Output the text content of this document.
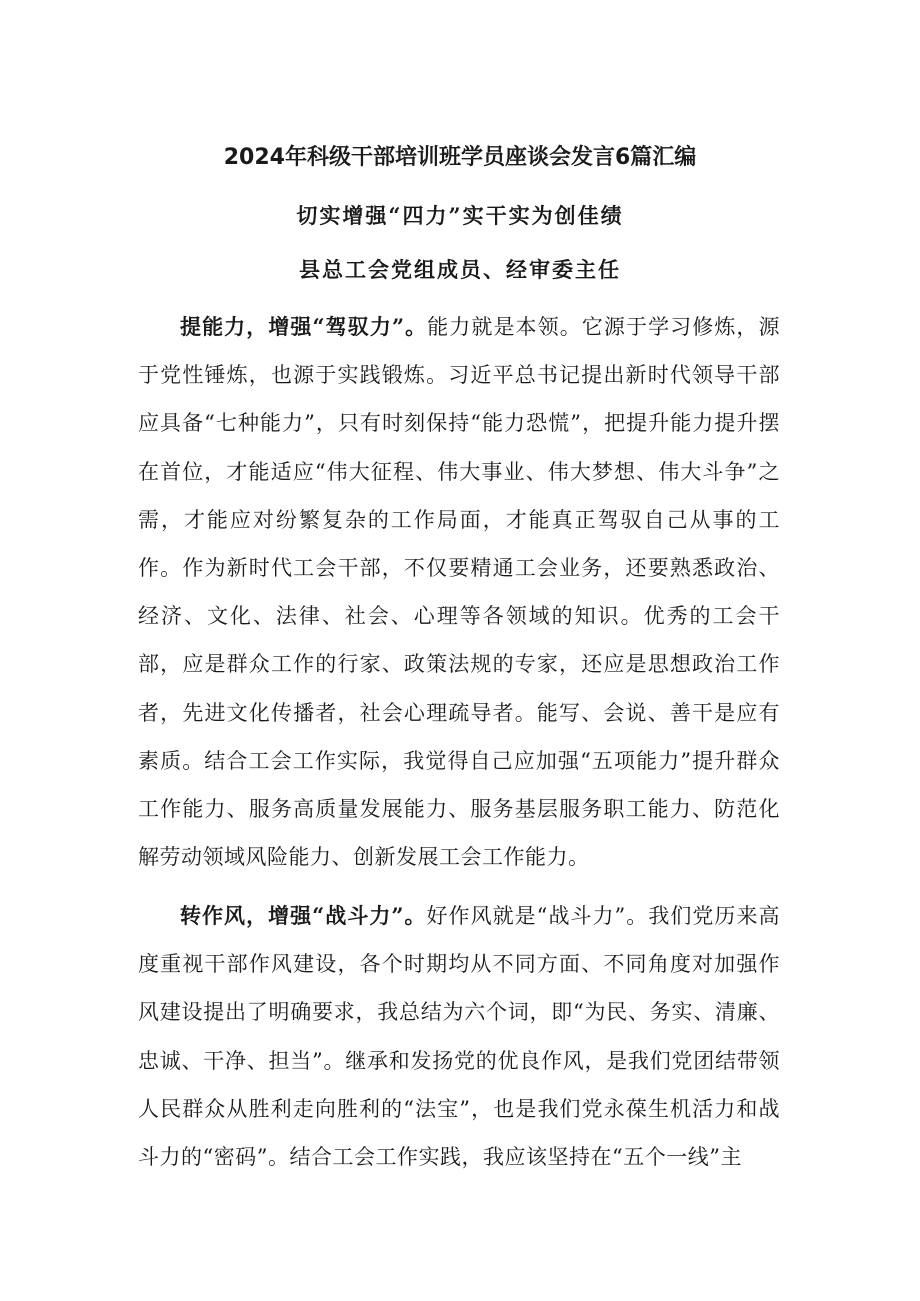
2024年科级干部培训班学员座谈会发言6篇汇编
切实增强“四力”实干实为创佳绩
县总工会党组成员、经审委主任

提能力，增强“驾驭力”。能力就是本领。它源于学习修炼，源于党性锤炼，也源于实践锻炼。习近平总书记提出新时代领导干部应具备“七种能力”，只有时刻保持“能力恐慌”，把提升能力提升摆在首位，才能适应“伟大征程、伟大事业、伟大梦想、伟大斗争”之需，才能应对纷繁复杂的工作局面，才能真正驾驭自己从事的工作。作为新时代工会干部，不仅要精通工会业务，还要熟悉政治、经济、文化、法律、社会、心理等各领域的知识。优秀的工会干部，应是群众工作的行家、政策法规的专家，还应是思想政治工作者，先进文化传播者，社会心理疏导者。能写、会说、善干是应有素质。结合工会工作实际，我觉得自己应加强“五项能力”提升群众工作能力、服务高质量发展能力、服务基层服务职工能力、防范化解劳动领域风险能力、创新发展工会工作能力。

转作风，增强“战斗力”。好作风就是“战斗力”。我们党历来高度重视干部作风建设，各个时期均从不同方面、不同角度对加强作风建设提出了明确要求，我总结为六个词，即“为民、务实、清廉、忠诚、干净、担当”。继承和发扬党的优良作风，是我们党团结带领人民群众从胜利走向胜利的“法宝”，也是我们党永葆生机活力和战斗力的“密码”。结合工会工作实践，我应该坚持在“五个一线”主
